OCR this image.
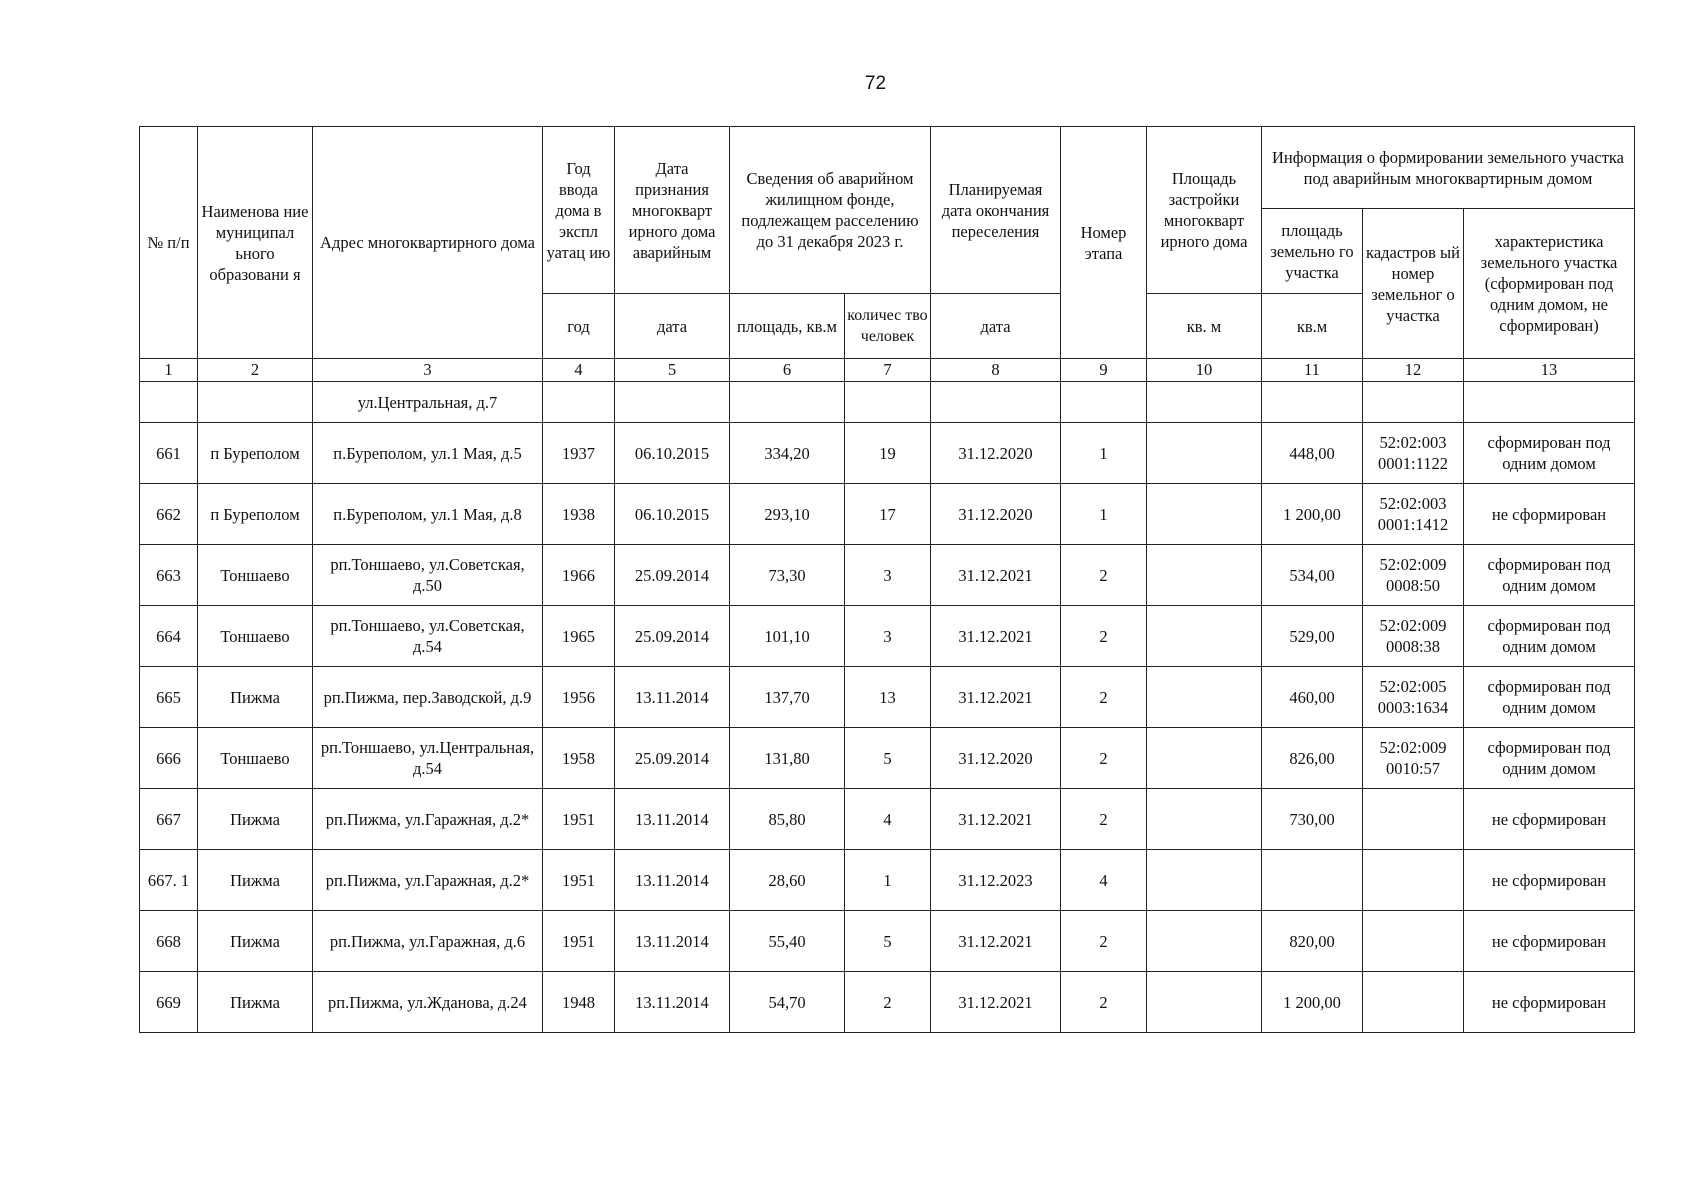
72
№ п/п	Наименова ние муниципал ьного образовани я	Адрес многоквартирного дома	Год ввода дома в экспл уатац ию	Дата признания многокварт ирного дома аварийным	Сведения об аварийном жилищном фонде, подлежащем расселению до 31 декабря 2023 г.		Планируемая дата окончания переселения	Номер этапа	Площадь застройки многокварт ирного дома	Информация о формировании земельного участка под аварийным многоквартирным домом		
										площадь земельно го участка	кадастров ый номер земельног о участка	характеристика земельного участка (сформирован под одним домом, не сформирован)
			год	дата	площадь, кв.м	количес тво человек	дата		кв. м	кв.м		
1	2	3	4	5	6	7	8	9	10	11	12	13
		ул.Центральная, д.7										
661	п Буреполом	п.Буреполом, ул.1 Мая, д.5	1937	06.10.2015	334,20	19	31.12.2020	1		448,00	52:02:003 0001:1122	сформирован под одним домом
662	п Буреполом	п.Буреполом, ул.1 Мая, д.8	1938	06.10.2015	293,10	17	31.12.2020	1		1 200,00	52:02:003 0001:1412	не сформирован
663	Тоншаево	рп.Тоншаево, ул.Советская, д.50	1966	25.09.2014	73,30	3	31.12.2021	2		534,00	52:02:009 0008:50	сформирован под одним домом
664	Тоншаево	рп.Тоншаево, ул.Советская, д.54	1965	25.09.2014	101,10	3	31.12.2021	2		529,00	52:02:009 0008:38	сформирован под одним домом
665	Пижма	рп.Пижма, пер.Заводской, д.9	1956	13.11.2014	137,70	13	31.12.2021	2		460,00	52:02:005 0003:1634	сформирован под одним домом
666	Тоншаево	рп.Тоншаево, ул.Центральная, д.54	1958	25.09.2014	131,80	5	31.12.2020	2		826,00	52:02:009 0010:57	сформирован под одним домом
667	Пижма	рп.Пижма, ул.Гаражная, д.2*	1951	13.11.2014	85,80	4	31.12.2021	2		730,00		не сформирован
667. 1	Пижма	рп.Пижма, ул.Гаражная, д.2*	1951	13.11.2014	28,60	1	31.12.2023	4				не сформирован
668	Пижма	рп.Пижма, ул.Гаражная, д.6	1951	13.11.2014	55,40	5	31.12.2021	2		820,00		не сформирован
669	Пижма	рп.Пижма, ул.Жданова, д.24	1948	13.11.2014	54,70	2	31.12.2021	2		1 200,00		не сформирован
